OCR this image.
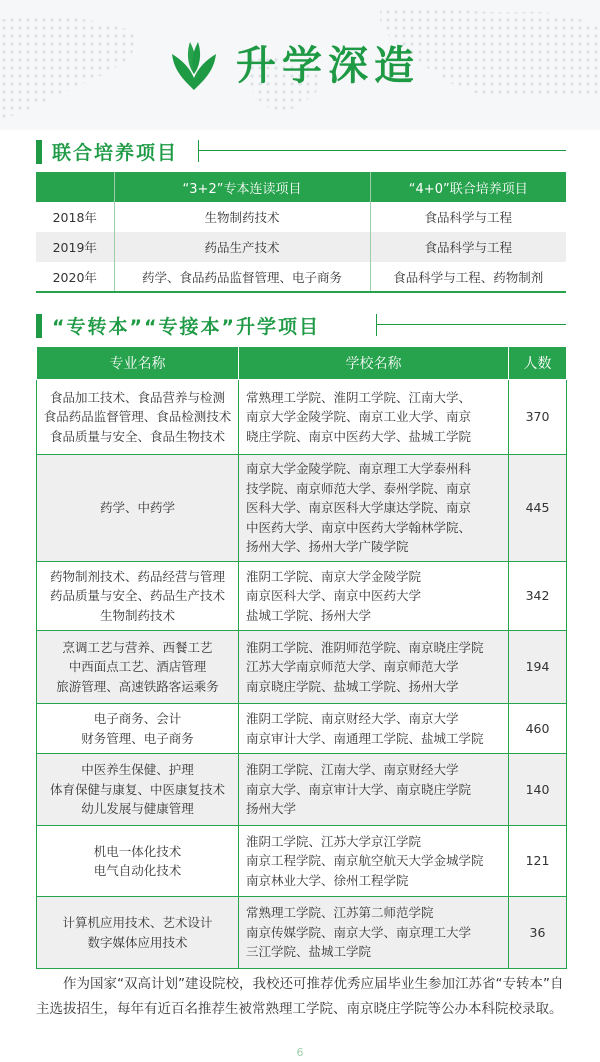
升学深造
联合培养项目
	“3+2”专本连读项目	“4+0”联合培养项目
2018年	生物制药技术	食品科学与工程
2019年	药品生产技术	食品科学与工程
2020年	药学、食品药品监督管理、电子商务	食品科学与工程、药物制剂
“专转本”“专接本”升学项目
专业名称	学校名称	人数

食品加工技术、食品营养与检测
食品药品监督管理、食品检测技术
食品质量与安全、食品生物技术	常熟理工学院、淮阴工学院、江南大学、
南京大学金陵学院、南京工业大学、南京
晓庄学院、南京中医药大学、盐城工学院	370

药学、中药学	南京大学金陵学院、南京理工大学泰州科
技学院、南京师范大学、泰州学院、南京
医科大学、南京医科大学康达学院、南京
中医药大学、南京中医药大学翰林学院、
扬州大学、扬州大学广陵学院	445

药物制剂技术、药品经营与管理
药品质量与安全、药品生产技术
生物制药技术	淮阴工学院、南京大学金陵学院
南京医科大学、南京中医药大学
盐城工学院、扬州大学	342

烹调工艺与营养、西餐工艺
中西面点工艺、酒店管理
旅游管理、高速铁路客运乘务	淮阴工学院、淮阴师范学院、南京晓庄学院
江苏大学南京师范大学、南京师范大学
南京晓庄学院、盐城工学院、扬州大学	194

电子商务、会计
财务管理、电子商务	淮阴工学院、南京财经大学、南京大学
南京审计大学、南通理工学院、盐城工学院	460

中医养生保健、护理
体育保健与康复、中医康复技术
幼儿发展与健康管理	淮阴工学院、江南大学、南京财经大学
南京大学、南京审计大学、南京晓庄学院
扬州大学	140

机电一体化技术
电气自动化技术	淮阴工学院、江苏大学京江学院
南京工程学院、南京航空航天大学金城学院
南京林业大学、徐州工程学院	121

计算机应用技术、艺术设计
数字媒体应用技术	常熟理工学院、江苏第二师范学院
南京传媒学院、南京大学、南京理工大学
三江学院、盐城工学院	36

作为国家“双高计划”建设院校，我校还可推荐优秀应届毕业生参加江苏省“专转本”自主选拔招生，每年有近百名推荐生被常熟理工学院、南京晓庄学院等公办本科院校录取。

6
